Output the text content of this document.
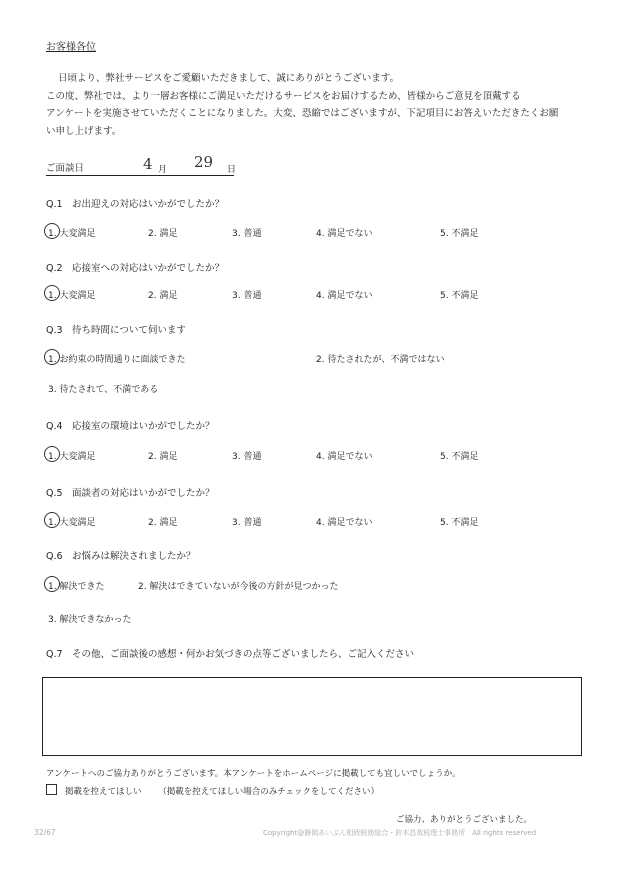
お客様各位
日頃より、弊社サービスをご愛顧いただきまして、誠にありがとうございます。
この度、弊社では、より一層お客様にご満足いただけるサービスをお届けするため、皆様からご意見を頂戴する
アンケートを実施させていただくことになりました。大変、恐縮ではございますが、下記項目にお答えいただきたくお願
い申し上げます。
ご面談日	4 月 29 日
Q.1　お出迎えの対応はいかがでしたか？
1. 大変満足	2. 満足	3. 普通	4. 満足でない	5. 不満足
Q.2　応接室への対応はいかがでしたか？
1. 大変満足	2. 満足	3. 普通	4. 満足でない	5. 不満足
Q.3　待ち時間について伺います
1. お約束の時間通りに面談できた	2. 待たされたが、不満ではない
3. 待たされて、不満である
Q.4　応接室の環境はいかがでしたか？
1. 大変満足	2. 満足	3. 普通	4. 満足でない	5. 不満足
Q.5　面談者の対応はいかがでしたか？
1. 大変満足	2. 満足	3. 普通	4. 満足でない	5. 不満足
Q.6　お悩みは解決されましたか？
1. 解決できた	2. 解決はできていないが今後の方針が見つかった
3. 解決できなかった
Q.7　その他、ご面談後の感想・何かお気づきの点等ございましたら、ご記入ください
アンケートへのご協力ありがとうございます。本アンケートをホームページに掲載しても宜しいでしょうか。
掲載を控えてほしい （掲載を控えてほしい場合のみチェックをしてください）
ご協力、ありがとうございました。
32/67	Copyright@静岡あいぶん相続税務総合・鈴木昌哉税理士事務所　All rights reserved
